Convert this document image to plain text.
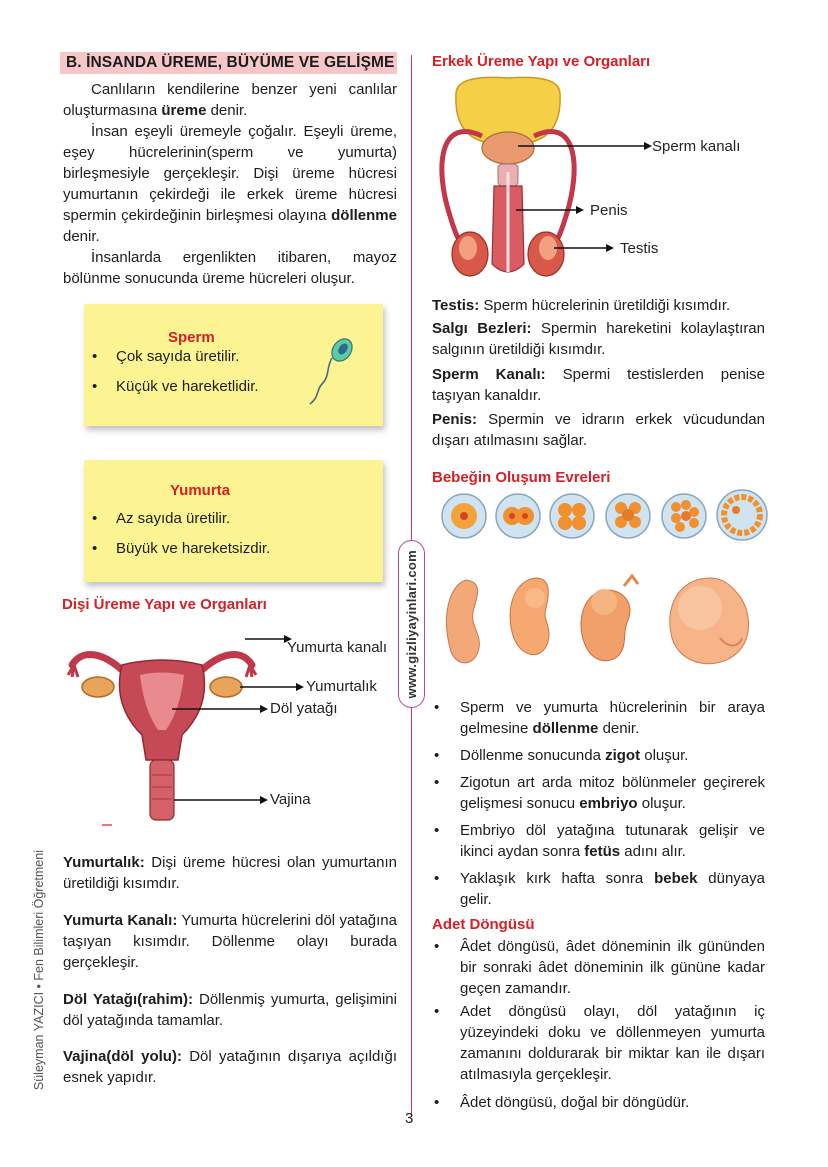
B. İNSANDA ÜREME, BÜYÜME VE GELİŞME

Canlıların kendilerine benzer yeni canlılar oluşturmasına üreme denir.

İnsan eşeyli üremeyle çoğalır. Eşeyli üreme, eşey hücrelerinin(sperm ve yumurta) birleşmesiyle gerçekleşir. Dişi üreme hücresi yumurtanın çekirdeği ile erkek üreme hücresi spermin çekirdeğinin birleşmesi olayına döllenme denir.

İnsanlarda ergenlikten itibaren, mayoz bölünme sonucunda üreme hücreleri oluşur.

Sperm
• Çok sayıda üretilir.
• Küçük ve hareketlidir.
Yumurta
• Az sayıda üretilir.
• Büyük ve hareketsizdir.
Dişi Üreme Yapı ve Organları
Yumurta kanalı
Yumurtalık
Döl yatağı
Vajina

Yumurtalık: Dişi üreme hücresi olan yumurtanın üretildiği kısımdır.

Yumurta Kanalı: Yumurta hücrelerini döl yatağına taşıyan kısımdır. Döllenme olayı burada gerçekleşir.

Döl Yatağı(rahim): Döllenmiş yumurta, gelişimini döl yatağında tamamlar.

Vajina(döl yolu): Döl yatağının dışarıya açıldığı esnek yapıdır.

Süleyman YAZICI • Fen Bilimleri Öğretmeni
www.gizliyayinlari.com
Erkek Üreme Yapı ve Organları
Sperm kanalı
Penis
Testis

Testis: Sperm hücrelerinin üretildiği kısımdır.

Salgı Bezleri: Spermin hareketini kolaylaştıran salgının üretildiği kısımdır.

Sperm Kanalı: Spermi testislerden penise taşıyan kanaldır.

Penis: Spermin ve idrarın erkek vücudundan dışarı atılmasını sağlar.

Bebeğin Oluşum Evreleri
• Sperm ve yumurta hücrelerinin bir araya gelmesine döllenme denir.
• Döllenme sonucunda zigot oluşur.
• Zigotun art arda mitoz bölünmeler geçirerek gelişmesi sonucu embriyo oluşur.
• Embriyo döl yatağına tutunarak gelişir ve ikinci aydan sonra fetüs adını alır.
• Yaklaşık kırk hafta sonra bebek dünyaya gelir.
Adet Döngüsü
• Âdet döngüsü, âdet döneminin ilk gününden bir sonraki âdet döneminin ilk gününe kadar geçen zamandır.
• Adet döngüsü olayı, döl yatağının iç yüzeyindeki doku ve döllenmeyen yumurta zamanını doldurarak bir miktar kan ile dışarı atılmasıyla gerçekleşir.
• Âdet döngüsü, doğal bir döngüdür.
3
